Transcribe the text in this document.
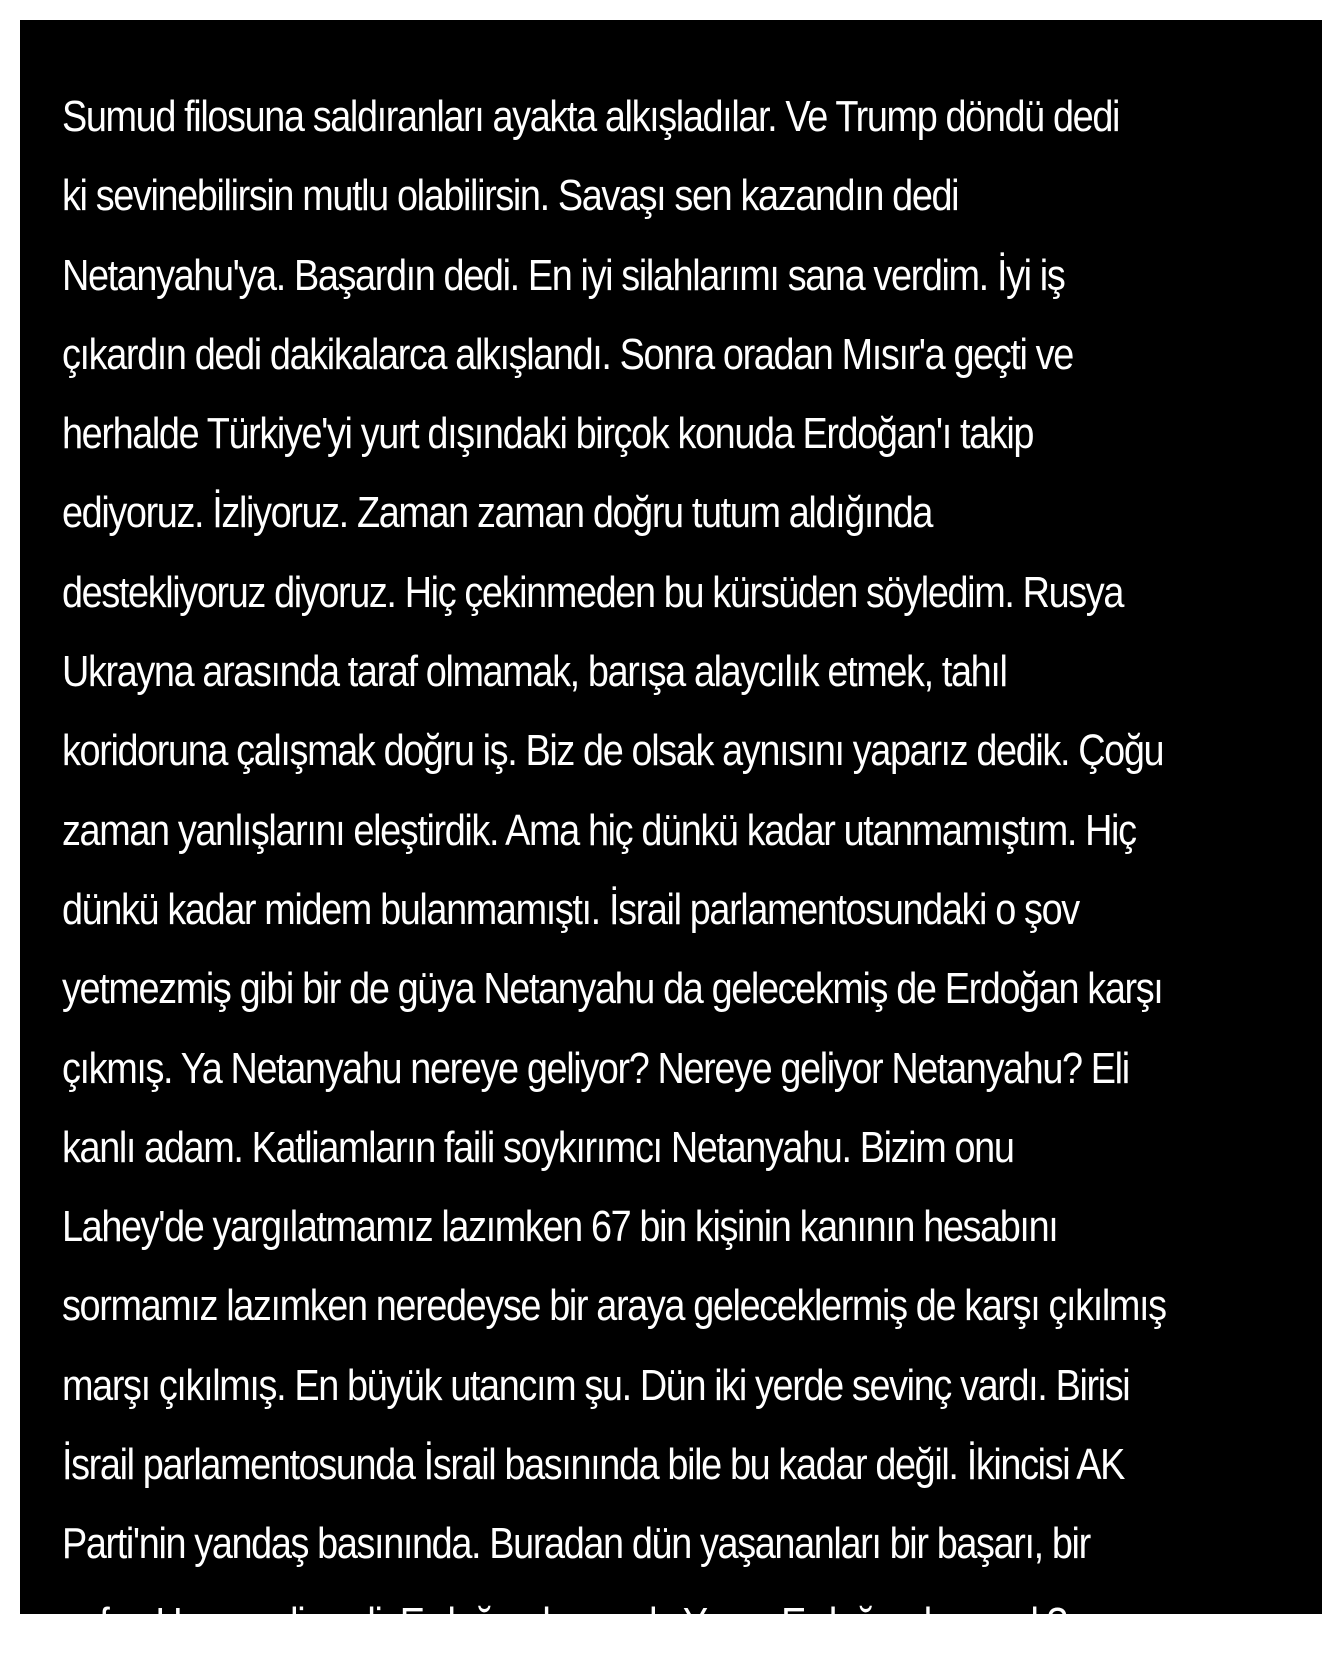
Sumud filosuna saldıranları ayakta alkışladılar. Ve Trump döndü dedi
ki sevinebilirsin mutlu olabilirsin. Savaşı sen kazandın dedi
Netanyahu'ya. Başardın dedi. En iyi silahlarımı sana verdim. İyi iş
çıkardın dedi dakikalarca alkışlandı. Sonra oradan Mısır'a geçti ve
herhalde Türkiye'yi yurt dışındaki birçok konuda Erdoğan'ı takip
ediyoruz. İzliyoruz. Zaman zaman doğru tutum aldığında
destekliyoruz diyoruz. Hiç çekinmeden bu kürsüden söyledim. Rusya
Ukrayna arasında taraf olmamak, barışa alaycılık etmek, tahıl
koridoruna çalışmak doğru iş. Biz de olsak aynısını yaparız dedik. Çoğu
zaman yanlışlarını eleştirdik. Ama hiç dünkü kadar utanmamıştım. Hiç
dünkü kadar midem bulanmamıştı. İsrail parlamentosundaki o şov
yetmezmiş gibi bir de güya Netanyahu da gelecekmiş de Erdoğan karşı
çıkmış. Ya Netanyahu nereye geliyor? Nereye geliyor Netanyahu? Eli
kanlı adam. Katliamların faili soykırımcı Netanyahu. Bizim onu
Lahey'de yargılatmamız lazımken 67 bin kişinin kanının hesabını
sormamız lazımken neredeyse bir araya geleceklermiş de karşı çıkılmış
marşı çıkılmış. En büyük utancım şu. Dün iki yerde sevinç vardı. Birisi
İsrail parlamentosunda İsrail basınında bile bu kadar değil. İkincisi AK
Parti'nin yandaş basınında. Buradan dün yaşananları bir başarı, bir
zafer, Hamas direndi, Erdoğan kazandı. Ya ne Erdoğan kazandı?
